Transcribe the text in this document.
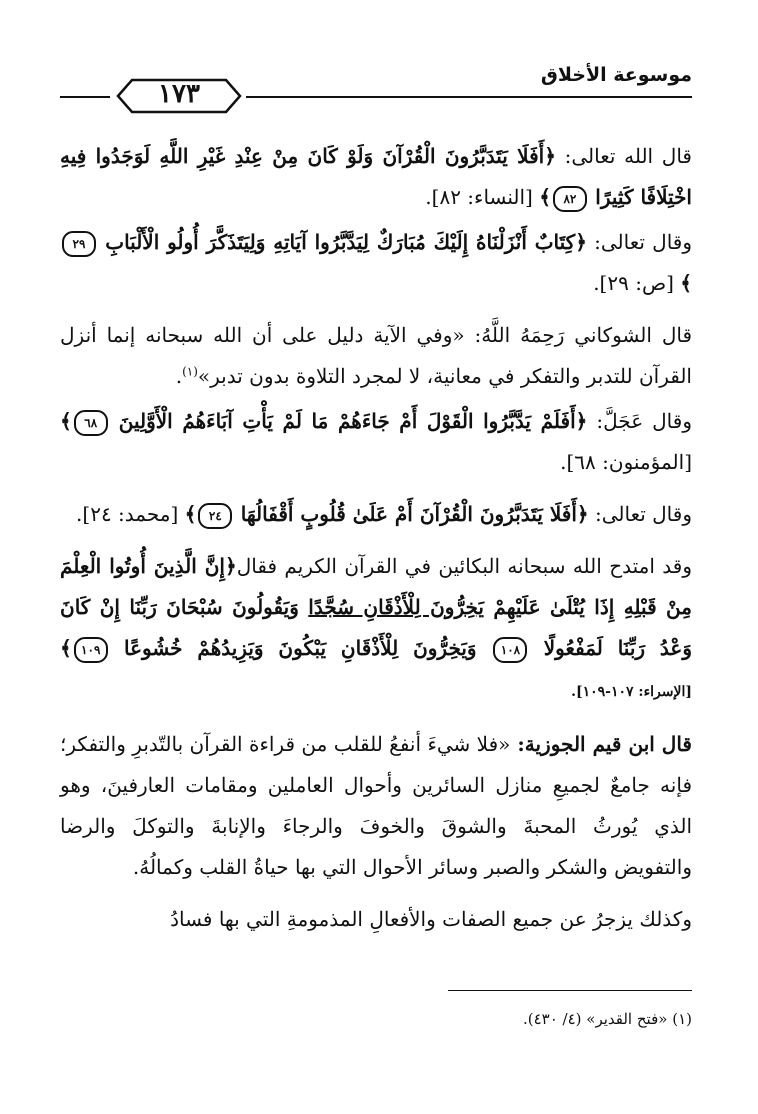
١٧٣
موسوعة الأخلاق

قال الله تعالى: ﴿أَفَلَا يَتَدَبَّرُونَ الْقُرْآنَ وَلَوْ كَانَ مِنْ عِنْدِ غَيْرِ اللَّهِ لَوَجَدُوا فِيهِ اخْتِلَافًا كَثِيرًا ٨٢﴾ [النساء: ٨٢].

وقال تعالى: ﴿كِتَابٌ أَنْزَلْنَاهُ إِلَيْكَ مُبَارَكٌ لِيَدَّبَّرُوا آيَاتِهِ وَلِيَتَذَكَّرَ أُولُو الْأَلْبَابِ ٢٩﴾ [ص: ٢٩].

قال الشوكاني رَحِمَهُ اللَّهُ: «وفي الآية دليل على أن الله سبحانه إنما أنزل القرآن للتدبر والتفكر في معانية، لا لمجرد التلاوة بدون تدبر»$^{(١)}$.

وقال عَجَلَّ: ﴿أَفَلَمْ يَدَّبَّرُوا الْقَوْلَ أَمْ جَاءَهُمْ مَا لَمْ يَأْتِ آبَاءَهُمُ الْأَوَّلِينَ ٦٨﴾ [المؤمنون: ٦٨].

وقال تعالى: ﴿أَفَلَا يَتَدَبَّرُونَ الْقُرْآنَ أَمْ عَلَىٰ قُلُوبٍ أَقْفَالُهَا ٢٤﴾ [محمد: ٢٤].

وقد امتدح الله سبحانه البكائين في القرآن الكريم فقال﴿إِنَّ الَّذِينَ أُوتُوا الْعِلْمَ مِنْ قَبْلِهِ إِذَا يُتْلَىٰ عَلَيْهِمْ يَخِرُّونَ لِلْأَذْقَانِ سُجَّدًا وَيَقُولُونَ سُبْحَانَ رَبِّنَا إِنْ كَانَ وَعْدُ رَبِّنَا لَمَفْعُولًا ١٠٨ وَيَخِرُّونَ لِلْأَذْقَانِ يَبْكُونَ وَيَزِيدُهُمْ خُشُوعًا ١٠٩﴾ [الإسراء: ١٠٧-١٠٩].

قال ابن قيم الجوزية: «فلا شيءَ أنفعُ للقلب من قراءة القرآن بالتّدبرِ والتفكر؛ فإنه جامعٌ لجميعِ منازل السائرين وأحوال العاملين ومقامات العارفينَ، وهو الذي يُورثُ المحبةَ والشوقَ والخوفَ والرجاءَ والإنابةَ والتوكلَ والرضا والتفويض والشكر والصبر وسائر الأحوال التي بها حياةُ القلب وكمالُهُ.

وكذلك يزجرُ عن جميع الصفات والأفعالِ المذمومةِ التي بها فسادُ

(١) «فتح القدير» (٤/ ٤٣٠).
